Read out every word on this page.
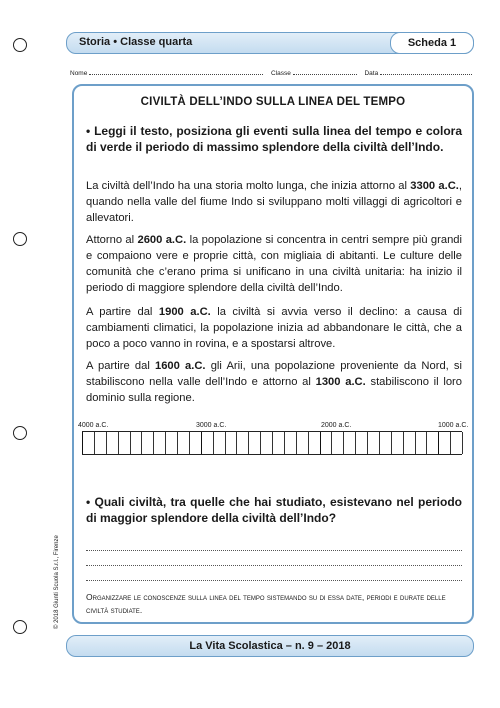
Storia • Classe quarta	Scheda 1
Nome	Classe	Data
CIVILTÀ DELL’INDO SULLA LINEA DEL TEMPO
• Leggi il testo, posiziona gli eventi sulla linea del tempo e colora di verde il periodo di massimo splendore della civiltà dell’Indo.
La civiltà dell’Indo ha una storia molto lunga, che inizia attorno al 3300 a.C., quando nella valle del fiume Indo si sviluppano molti villaggi di agricoltori e allevatori.
Attorno al 2600 a.C. la popolazione si concentra in centri sempre più grandi e compaiono vere e proprie città, con migliaia di abitanti. Le culture delle comunità che c’erano prima si unificano in una civiltà unitaria: ha inizio il periodo di maggiore splendore della civiltà dell’Indo.
A partire dal 1900 a.C. la civiltà si avvia verso il declino: a causa di cambiamenti climatici, la popolazione inizia ad abbandonare le città, che a poco a poco vanno in rovina, e a spostarsi altrove.
A partire dal 1600 a.C. gli Arii, una popolazione proveniente da Nord, si stabiliscono nella valle dell’Indo e attorno al 1300 a.C. stabiliscono il loro dominio sulla regione.
4000 a.C.	3000 a.C.	2000 a.C.	1000 a.C.
• Quali civiltà, tra quelle che hai studiato, esistevano nel periodo di maggior splendore della civiltà dell’Indo?
Organizzare le conoscenze sulla linea del tempo sistemando su di essa date, periodi e durate delle civiltà studiate.
© 2018 Giunti Scuola S.r.l., Firenze
La Vita Scolastica – n. 9 – 2018
